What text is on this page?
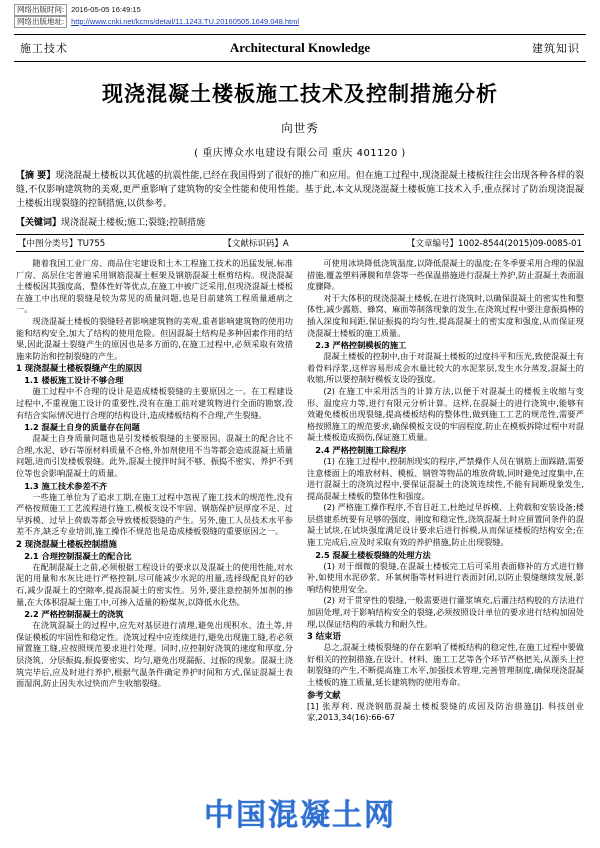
网络出版时间: 2016-05-05 16:49:15
网络出版地址: http://www.cnki.net/kcms/detail/11.1243.TU.20160505.1649.048.html
施工技术	Architectural Knowledge	建筑知识
现浇混凝土楼板施工技术及控制措施分析
向世秀
( 重庆博众水电建设有限公司 重庆 401120 )
【摘 要】现浇混凝土楼板以其优越的抗震性能,已经在我国得到了很好的推广和应用。但在施工过程中,现浇混凝土楼板往往会出现各种各样的裂缝,不仅影响建筑物的美观,更严重影响了建筑物的安全性能和使用性能。基于此,本文从现浇混凝土楼板施工技术入手,重点探讨了防治现浇混凝土楼板出现裂缝的控制措施,以供参考。
【关键词】现浇混凝土楼板;施工;裂缝;控制措施
【中图分类号】TU755	【文献标识码】A	【文章编号】1002-8544(2015)09-0085-01

随着我国工业厂房、商品住宅建设和土木工程施工技术的迅猛发展,标准厂房、高层住宅普遍采用钢筋混凝土框架及钢筋混凝土框剪结构。现浇混凝土楼板因其强度高、整体性好等优点,在施工中被广泛采用,但现浇混凝土楼板在施工中出现的裂缝是较为常见的质量问题,也是目前建筑工程质量通病之一。

现浇混凝土楼板的裂缝轻者影响建筑物的美观,重者影响建筑物的使用功能和结构安全,加大了结构的使用危险。但因混凝土结构是多种因素作用的结果,因此混凝土裂缝产生的原因也是多方面的,在施工过程中,必须采取有效措施来防治和控制裂缝的产生。

1 现浇混凝土楼板裂缝产生的原因
1.1 楼板施工设计不够合理

施工过程中不合理的设计是造成楼板裂缝的主要原因之一。在工程建设过程中,不重视施工设计的重要性,没有在施工前对建筑物进行全面的勘察,没有结合实际情况进行合理的结构设计,造成楼板结构不合理,产生裂缝。

1.2 混凝土自身的质量存在问题

混凝土自身质量问题也是引发楼板裂缝的主要原因。混凝土的配合比不合理,水泥、砂石等原材料质量不合格,外加剂使用不当等都会造成混凝土质量问题,进而引发楼板裂缝。此外,混凝土搅拌时间不够、振捣不密实、养护不到位等也会影响混凝土的质量。

1.3 施工技术参差不齐

一些施工单位为了追求工期,在施工过程中忽视了施工技术的规范性,没有严格按照施工工艺流程进行施工,模板支设不牢固、钢筋保护层厚度不足、过早拆模、过早上荷载等都会导致楼板裂缝的产生。另外,施工人员技术水平参差不齐,缺乏专业培训,施工操作不规范也是造成楼板裂缝的重要原因之一。

2 现浇混凝土楼板控制措施
2.1 合理控制混凝土的配合比

在配制混凝土之前,必须根据工程设计的要求以及混凝土的使用性能,对水泥的用量和水灰比进行严格控制,尽可能减少水泥的用量,选择级配良好的砂石,减少混凝土的空隙率,提高混凝土的密实性。另外,要注意控制外加剂的掺量,在大体积混凝土施工中,可掺入适量的粉煤灰,以降低水化热。

2.2 严格控制混凝土的浇筑

在浇筑混凝土的过程中,应先对基层进行清理,避免出现积水、渣土等,并保证模板的牢固性和稳定性。浇筑过程中应连续进行,避免出现施工缝,若必须留置施工缝,应按照规范要求进行处理。同时,应控制好浇筑的速度和厚度,分层浇筑、分层振捣,振捣要密实、均匀,避免出现漏振、过振的现象。混凝土浇筑完毕后,应及时进行养护,根据气温条件确定养护时间和方式,保证混凝土表面湿润,防止因失水过快而产生收缩裂缝。

可使用冰块降低浇筑温度,以降低混凝土的温度;在冬季要采用合理的保温措施,覆盖塑料薄膜和草袋等一些保温措施进行混凝土养护,防止混凝土表面温度骤降。

对于大体积的现浇混凝土楼板,在进行浇筑时,以确保混凝土的密实性和整体性,减少露筋、蜂窝、麻面等制落现象的发生,在浇筑过程中要注意振捣棒的插入深度和间距,保证振捣的均匀性,提高混凝土的密实度和强度,从而保证现浇混凝土楼板的施工质量。

2.3 严格控制模板的施工

混凝土楼板的控制中,由于对混凝土楼板的过度抖平和压光,致使混凝土有着骨料浮浆,这样容易形成会水量比较大的水泥浆层,发生水分蒸发,混凝土的收缩,所以要控制好模板支设的强度。

(2) 在施工中采用活当的计算方法,以便于对混凝土的楼板主收缩与变形、温度应力等,进行有限元分析计算。这样,在混凝土的进行浇筑中,能够有效避免楼板出现裂缝,提高楼板结构的整体性,做到施工工艺的规范性,需要严格按照施工的规范要求,确保模板支设的牢固程度,防止在模板拆除过程中对混凝土楼板造成损伤,保证施工质量。

2.4 严格控制施工除程序

(1) 在施工过程中,控制剂现实的程序,严禁操作人员在钢筋上面踩踏,需要注意楼面上的堆放材料、模板、钢管等物品的堆放荷载,同时避免过度集中,在进行混凝土的浇筑过程中,要保证混凝土的浇筑连续性,不能有间断现象发生,提高混凝土楼板的整体性和强度。

(2) 严格施工操作程序,不盲目赶工,杜绝过早拆模、上荷载和安装设备;楼层搭建系统要有足够的强度、刚度和稳定性,浇筑混凝土时应留置同条件的混凝土试块,在试块强度满足设计要求后进行拆模,从而保证楼板的结构安全;在施工完成后,应及时采取有效的养护措施,防止出现裂缝。

2.5 混凝土楼板裂缝的处理方法

(1) 对于细微的裂缝,在混凝土楼板完工后可采用表面修补的方式进行修补,如使用水泥砂浆、环氧树脂等材料进行表面封闭,以防止裂缝继续发展,影响结构使用安全。

(2) 对于贯穿性的裂缝,一般需要进行灌浆填充,后灌注结构胶的方法进行加固处理,对于影响结构安全的裂缝,必须按照设计单位的要求进行结构加固处理,以保证结构的承载力和耐久性。

3 结束语

总之,混凝土楼板裂缝的存在影响了楼板结构的稳定性,在施工过程中要做好相关的控制措施,在设计、材料、施工工艺等各个环节严格把关,从源头上控制裂缝的产生,不断提高施工水平,加强技术管理,完善管理制度,确保现浇混凝土楼板的施工质量,延长建筑物的使用寿命。

参考文献

[1] 张厚利. 现浇钢筋混凝土楼板裂缝的成因及防治措施[J]. 科技创业家,2013,34(16):66-67

中国混凝土网
